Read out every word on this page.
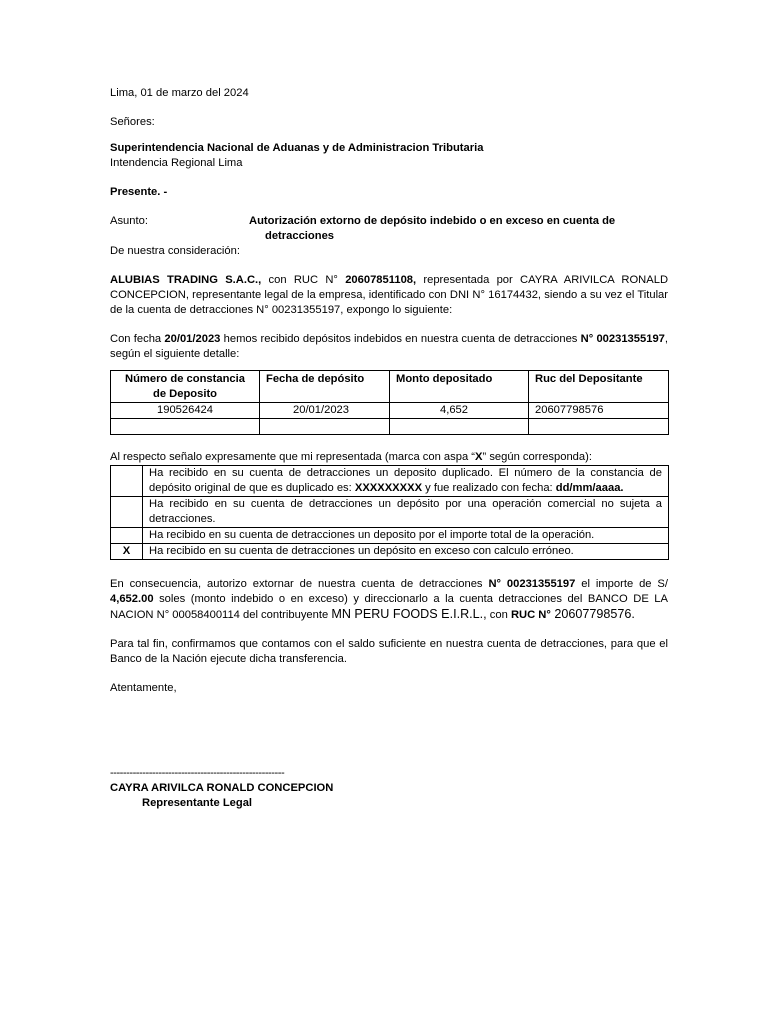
Lima, 01 de marzo del 2024

Señores:

Superintendencia Nacional de Aduanas y de Administracion Tributaria

Intendencia Regional Lima

Presente. -

Asunto:	Autorización extorno de depósito indebido o en exceso en cuenta de
detracciones

De nuestra consideración:

ALUBIAS TRADING S.A.C., con RUC N° 20607851108, representada por CAYRA ARIVILCA RONALD CONCEPCION, representante legal de la empresa, identificado con DNI N° 16174432, siendo a su vez el Titular de la cuenta de detracciones N° 00231355197, expongo lo siguiente:

Con fecha 20/01/2023 hemos recibido depósitos indebidos en nuestra cuenta de detracciones N° 00231355197, según el siguiente detalle:

Número de constancia de Deposito	Fecha de depósito	Monto depositado	Ruc del Depositante
190526424	20/01/2023	4,652	20607798576

Al respecto señalo expresamente que mi representada (marca con aspa “X” según corresponda):

	Ha recibido en su cuenta de detracciones un deposito duplicado. El número de la constancia de depósito original de que es duplicado es: XXXXXXXXX y fue realizado con fecha: dd/mm/aaaa.
	Ha recibido en su cuenta de detracciones un depósito por una operación comercial no sujeta a detracciones.
	Ha recibido en su cuenta de detracciones un deposito por el importe total de la operación.
X	Ha recibido en su cuenta de detracciones un depósito en exceso con calculo erróneo.

En consecuencia, autorizo extornar de nuestra cuenta de detracciones N° 00231355197 el importe de S/ 4,652.00 soles (monto indebido o en exceso) y direccionarlo a la cuenta detracciones del BANCO DE LA NACION N° 00058400114 del contribuyente MN PERU FOODS E.I.R.L., con RUC N° 20607798576.

Para tal fin, confirmamos que contamos con el saldo suficiente en nuestra cuenta de detracciones, para que el Banco de la Nación ejecute dicha transferencia.

Atentamente,

------------------------------------------------------

CAYRA ARIVILCA RONALD CONCEPCION

Representante Legal
